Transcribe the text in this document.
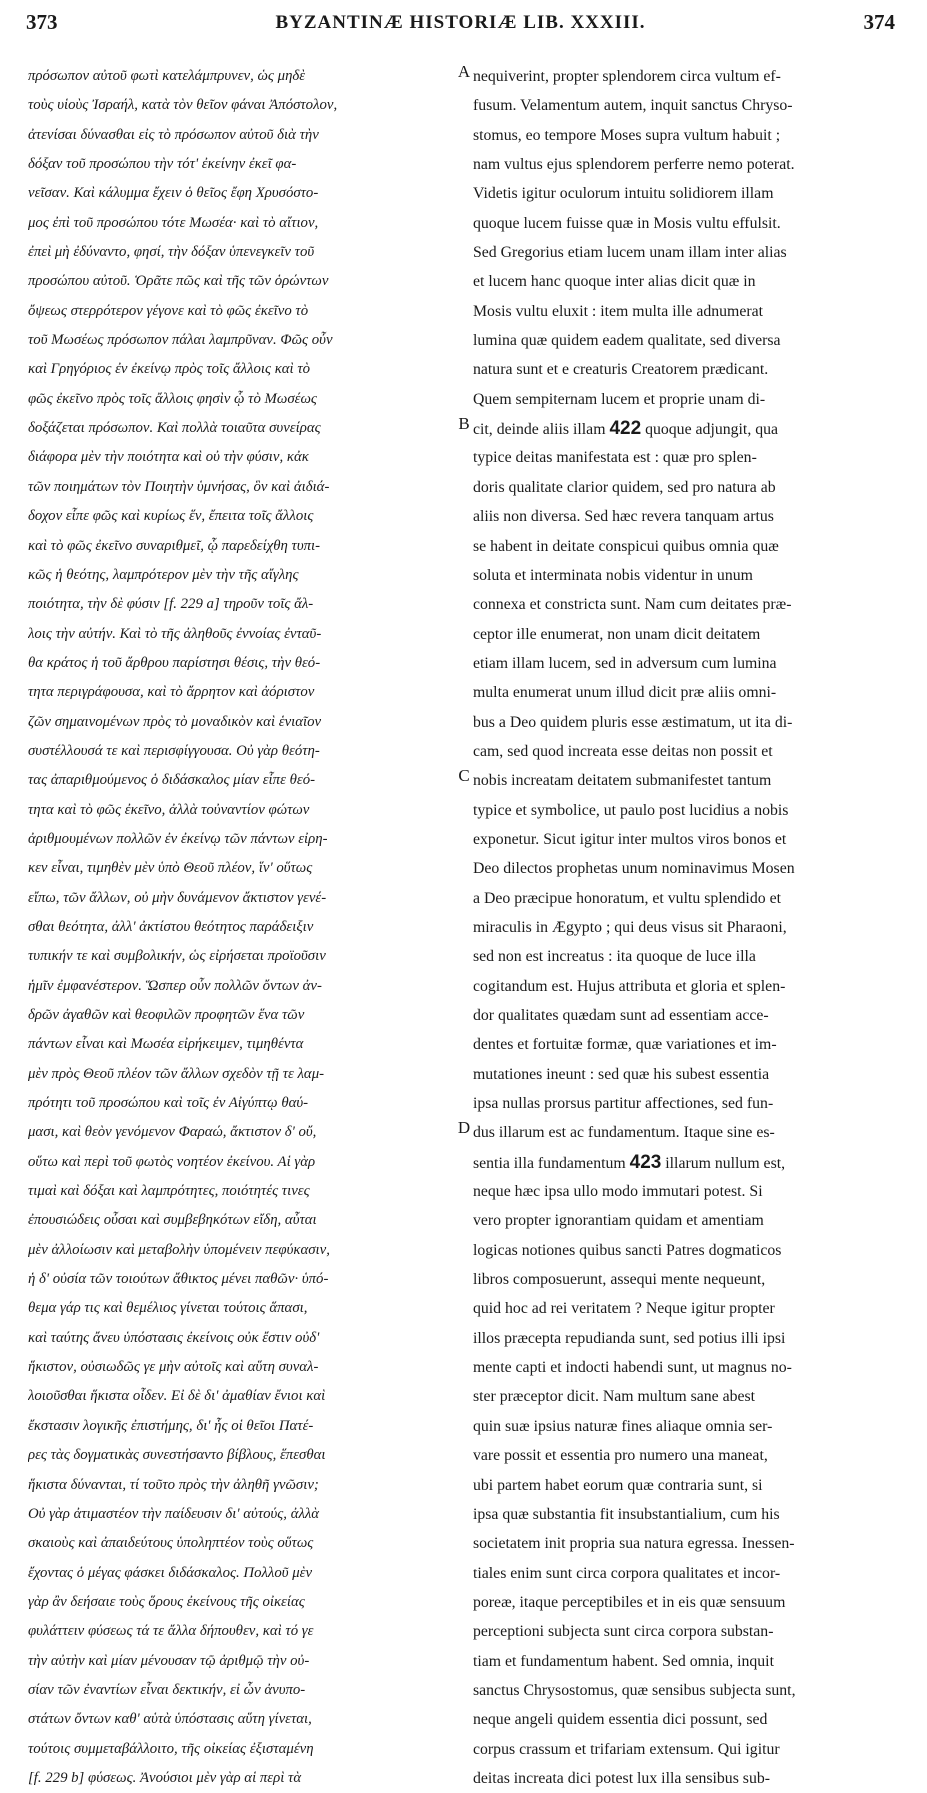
373	BYZANTINÆ HISTORIÆ LIB. XXXIII.	374
πρόσωπον αὐτοῦ φωτὶ κατελάμπρυνεν, ὡς μηδὲ
τοὺς υἱοὺς Ἰσραήλ, κατὰ τὸν θεῖον φάναι Ἀπόστολον,
ἀτενίσαι δύνασθαι εἰς τὸ πρόσωπον αὐτοῦ διὰ τὴν
δόξαν τοῦ προσώπου τὴν τότ' ἐκείνην ἐκεῖ φα-
νεῖσαν. Καὶ κάλυμμα ἔχειν ὁ θεῖος ἔφη Χρυσόστο-
μος ἐπὶ τοῦ προσώπου τότε Μωσέα· καὶ τὸ αἴτιον,
ἐπεὶ μὴ ἐδύναντο, φησί, τὴν δόξαν ὑπενεγκεῖν τοῦ
προσώπου αὐτοῦ. Ὁρᾶτε πῶς καὶ τῆς τῶν ὁρώντων
ὄψεως στερρότερον γέγονε καὶ τὸ φῶς ἐκεῖνο τὸ
τοῦ Μωσέως πρόσωπον πάλαι λαμπρῦναν. Φῶς οὖν
καὶ Γρηγόριος ἐν ἐκείνῳ πρὸς τοῖς ἄλλοις καὶ τὸ
φῶς ἐκεῖνο πρὸς τοῖς ἄλλοις φησὶν ᾧ τὸ Μωσέως
δοξάζεται πρόσωπον. Καὶ πολλὰ τοιαῦτα συνείρας
διάφορα μὲν τὴν ποιότητα καὶ οὐ τὴν φύσιν, κἀκ
τῶν ποιημάτων τὸν Ποιητὴν ὑμνήσας, ὃν καὶ ἀιδιά-
δοχον εἶπε φῶς καὶ κυρίως ἕν, ἔπειτα τοῖς ἄλλοις
καὶ τὸ φῶς ἐκεῖνο συναριθμεῖ, ᾧ παρεδείχθη τυπι-
κῶς ἡ θεότης, λαμπρότερον μὲν τὴν τῆς αἴγλης
ποιότητα, τὴν δὲ φύσιν [f. 229 a] τηροῦν τοῖς ἄλ-
λοις τὴν αὐτήν. Καὶ τὸ τῆς ἀληθοῦς ἐννοίας ἐνταῦ-
θα κράτος ἡ τοῦ ἄρθρου παρίστησι θέσις, τὴν θεό-
τητα περιγράφουσα, καὶ τὸ ἄρρητον καὶ ἀόριστον
ζῶν σημαινομένων πρὸς τὸ μοναδικὸν καὶ ἑνιαῖον
συστέλλουσά τε καὶ περισφίγγουσα. Οὐ γὰρ θεότη-
τας ἀπαριθμούμενος ὁ διδάσκαλος μίαν εἶπε θεό-
τητα καὶ τὸ φῶς ἐκεῖνο, ἀλλὰ τοὐναντίον φώτων
ἀριθμουμένων πολλῶν ἐν ἐκείνῳ τῶν πάντων εἰρη-
κεν εἶναι, τιμηθὲν μὲν ὑπὸ Θεοῦ πλέον, ἵν' οὕτως
εἴπω, τῶν ἄλλων, οὐ μὴν δυνάμενον ἄκτιστον γενέ-
σθαι θεότητα, ἀλλ' ἀκτίστου θεότητος παράδειξιν
τυπικήν τε καὶ συμβολικήν, ὡς εἰρήσεται προϊοῦσιν
ἡμῖν ἐμφανέστερον. Ὥσπερ οὖν πολλῶν ὄντων ἀν-
δρῶν ἀγαθῶν καὶ θεοφιλῶν προφητῶν ἕνα τῶν
πάντων εἶναι καὶ Μωσέα εἰρήκειμεν, τιμηθέντα
μὲν πρὸς Θεοῦ πλέον τῶν ἄλλων σχεδὸν τῇ τε λαμ-
πρότητι τοῦ προσώπου καὶ τοῖς ἐν Αἰγύπτῳ θαύ-
μασι, καὶ θεὸν γενόμενον Φαραώ, ἄκτιστον δ' οὔ,
οὕτω καὶ περὶ τοῦ φωτὸς νοητέον ἐκείνου. Αἱ γὰρ
τιμαὶ καὶ δόξαι καὶ λαμπρότητες, ποιότητές τινες
ἐπουσιώδεις οὖσαι καὶ συμβεβηκότων εἴδη, αὗται
μὲν ἀλλοίωσιν καὶ μεταβολὴν ὑπομένειν πεφύκασιν,
ἡ δ' οὐσία τῶν τοιούτων ἄθικτος μένει παθῶν· ὑπό-
θεμα γάρ τις καὶ θεμέλιος γίνεται τούτοις ἅπασι,
καὶ ταύτης ἄνευ ὑπόστασις ἐκείνοις οὐκ ἔστιν οὐδ'
ἥκιστον, οὐσιωδῶς γε μὴν αὐτοῖς καὶ αὕτη συναλ-
λοιοῦσθαι ἥκιστα οἶδεν. Εἰ δὲ δι' ἀμαθίαν ἔνιοι καὶ
ἔκστασιν λογικῆς ἐπιστήμης, δι' ἧς οἱ θεῖοι Πατέ-
ρες τὰς δογματικὰς συνεστήσαντο βίβλους, ἕπεσθαι
ἥκιστα δύνανται, τί τοῦτο πρὸς τὴν ἀληθῆ γνῶσιν;
Οὐ γὰρ ἀτιμαστέον τὴν παίδευσιν δι' αὐτούς, ἀλλὰ
σκαιοὺς καὶ ἀπαιδεύτους ὑποληπτέον τοὺς οὕτως
ἔχοντας ὁ μέγας φάσκει διδάσκαλος. Πολλοῦ μὲν
γὰρ ἂν δεήσαιε τοὺς ὅρους ἐκείνους τῆς οἰκείας
φυλάττειν φύσεως τά τε ἄλλα δήπουθεν, καὶ τό γε
τὴν αὐτὴν καὶ μίαν μένουσαν τῷ ἀριθμῷ τὴν οὐ-
σίαν τῶν ἐναντίων εἶναι δεκτικήν, εἰ ὧν ἀνυπο-
στάτων ὄντων καθ' αὑτὰ ὑπόστασις αὕτη γίνεται,
τούτοις συμμεταβάλλοιτο, τῆς οἰκείας ἐξισταμένη
[f. 229 b] φύσεως. Ἀνούσιοι μὲν γὰρ αἱ περὶ τὰ
A
B
C
D
nequiverint, propter splendorem circa vultum ef-
fusum. Velamentum autem, inquit sanctus Chryso-
stomus, eo tempore Moses supra vultum habuit ;
nam vultus ejus splendorem perferre nemo poterat.
Videtis igitur oculorum intuitu solidiorem illam
quoque lucem fuisse quæ in Mosis vultu effulsit.
Sed Gregorius etiam lucem unam illam inter alias
et lucem hanc quoque inter alias dicit quæ in
Mosis vultu eluxit : item multa ille adnumerat
lumina quæ quidem eadem qualitate, sed diversa
natura sunt et e creaturis Creatorem prædicant.
Quem sempiternam lucem et proprie unam di-
cit, deinde aliis illam 422 quoque adjungit, qua
typice deitas manifestata est : quæ pro splen-
doris qualitate clarior quidem, sed pro natura ab
aliis non diversa. Sed hæc revera tanquam artus
se habent in deitate conspicui quibus omnia quæ
soluta et interminata nobis videntur in unum
connexa et constricta sunt. Nam cum deitates præ-
ceptor ille enumerat, non unam dicit deitatem
etiam illam lucem, sed in adversum cum lumina
multa enumerat unum illud dicit præ aliis omni-
bus a Deo quidem pluris esse æstimatum, ut ita di-
cam, sed quod increata esse deitas non possit et
nobis increatam deitatem submanifestet tantum
typice et symbolice, ut paulo post lucidius a nobis
exponetur. Sicut igitur inter multos viros bonos et
Deo dilectos prophetas unum nominavimus Mosen
a Deo præcipue honoratum, et vultu splendido et
miraculis in Ægypto ; qui deus visus sit Pharaoni,
sed non est increatus : ita quoque de luce illa
cogitandum est. Hujus attributa et gloria et splen-
dor qualitates quædam sunt ad essentiam acce-
dentes et fortuitæ formæ, quæ variationes et im-
mutationes ineunt : sed quæ his subest essentia
ipsa nullas prorsus partitur affectiones, sed fun-
dus illarum est ac fundamentum. Itaque sine es-
sentia illa fundamentum 423 illarum nullum est,
neque hæc ipsa ullo modo immutari potest. Si
vero propter ignorantiam quidam et amentiam
logicas notiones quibus sancti Patres dogmaticos
libros composuerunt, assequi mente nequeunt,
quid hoc ad rei veritatem ? Neque igitur propter
illos præcepta repudianda sunt, sed potius illi ipsi
mente capti et indocti habendi sunt, ut magnus no-
ster præceptor dicit. Nam multum sane abest
quin suæ ipsius naturæ fines aliaque omnia ser-
vare possit et essentia pro numero una maneat,
ubi partem habet eorum quæ contraria sunt, si
ipsa quæ substantia fit insubstantialium, cum his
societatem init propria sua natura egressa. Inessen-
tiales enim sunt circa corpora qualitates et incor-
poreæ, itaque perceptibiles et in eis quæ sensuum
perceptioni subjecta sunt circa corpora substan-
tiam et fundamentum habent. Sed omnia, inquit
sanctus Chrysostomus, quæ sensibus subjecta sunt,
neque angeli quidem essentia dici possunt, sed
corpus crassum et trifariam extensum. Qui igitur
deitas increata dici potest lux illa sensibus sub-
